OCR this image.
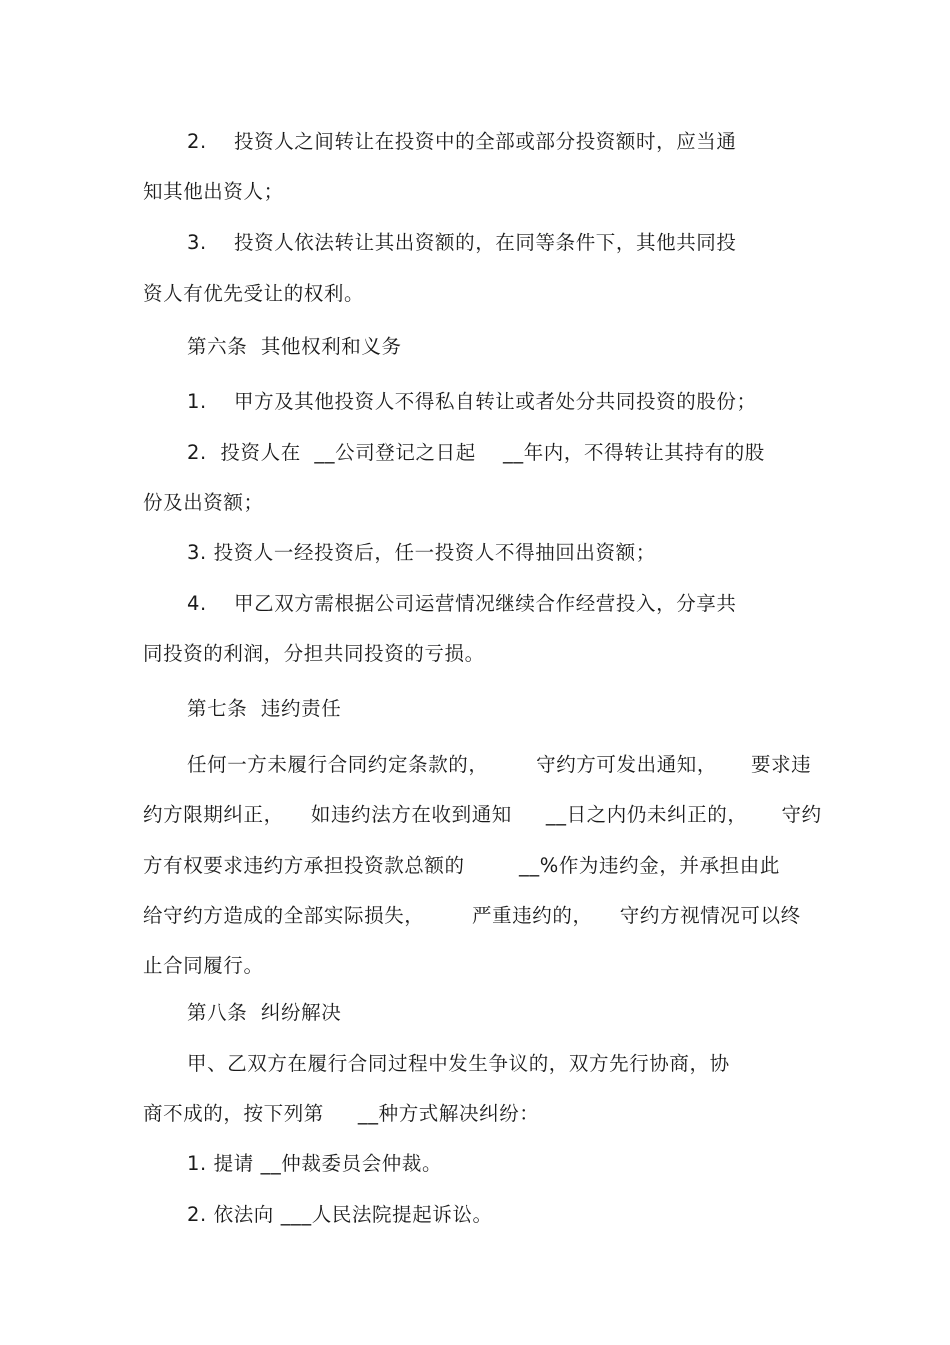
2.    投资人之间转让在投资中的全部或部分投资额时，应当通
知其他出资人；
3.    投资人依法转让其出资额的，在同等条件下，其他共同投
资人有优先受让的权利。
第六条  其他权利和义务
1.    甲方及其他投资人不得私自转让或者处分共同投资的股份；
2.  投资人在  __公司登记之日起    __年内，不得转让其持有的股
份及出资额；
3. 投资人一经投资后，任一投资人不得抽回出资额；
4.    甲乙双方需根据公司运营情况继续合作经营投入，分享共
同投资的利润，分担共同投资的亏损。
第七条  违约责任
任何一方未履行合同约定条款的，       守约方可发出通知，     要求违
约方限期纠正，    如违约法方在收到通知     __日之内仍未纠正的，     守约
方有权要求违约方承担投资款总额的        __%作为违约金，并承担由此
给守约方造成的全部实际损失，       严重违约的，    守约方视情况可以终
止合同履行。
第八条  纠纷解决
甲、乙双方在履行合同过程中发生争议的，双方先行协商，协
商不成的，按下列第     __种方式解决纠纷：
1. 提请 __仲裁委员会仲裁。
2. 依法向 ___人民法院提起诉讼。
